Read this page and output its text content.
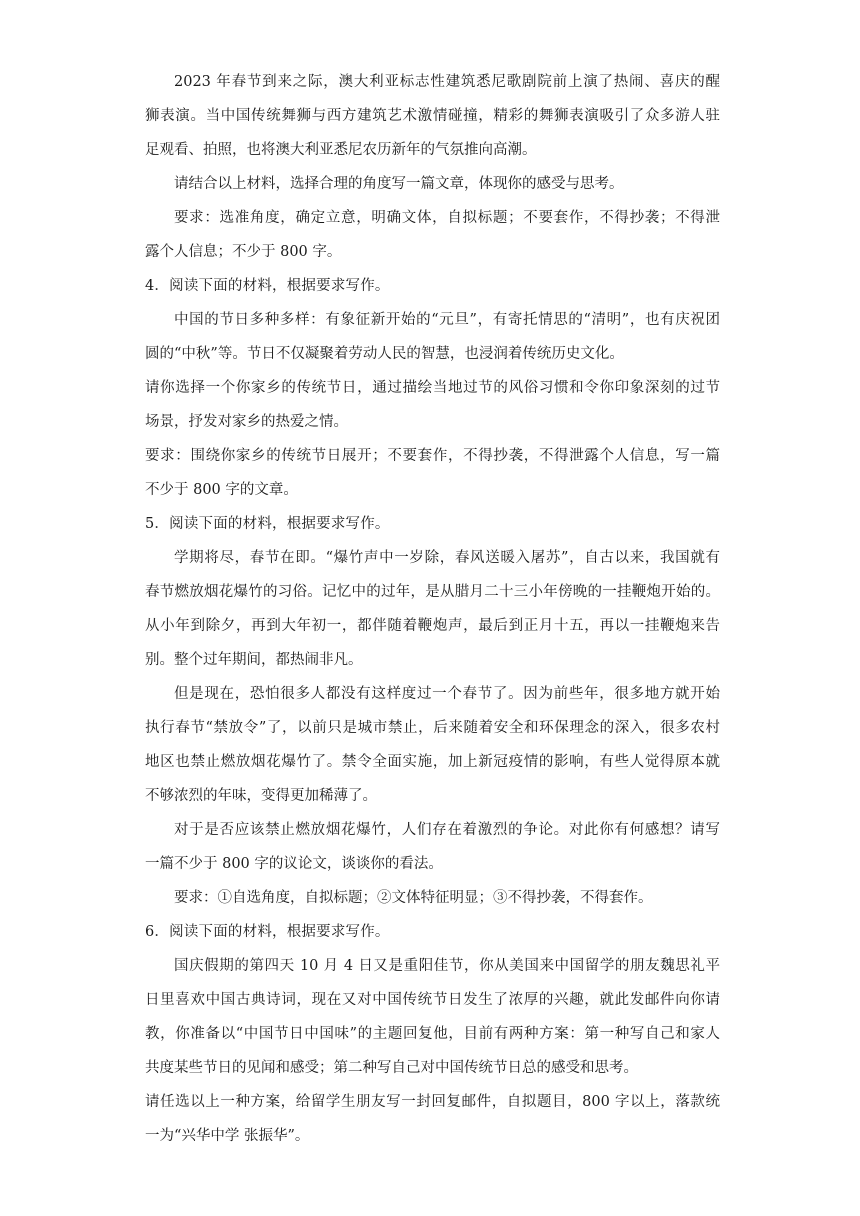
2023 年春节到来之际，澳大利亚标志性建筑悉尼歌剧院前上演了热闹、喜庆的醒
狮表演。当中国传统舞狮与西方建筑艺术激情碰撞，精彩的舞狮表演吸引了众多游人驻
足观看、拍照，也将澳大利亚悉尼农历新年的气氛推向高潮。
请结合以上材料，选择合理的角度写一篇文章，体现你的感受与思考。
要求：选准角度，确定立意，明确文体，自拟标题；不要套作，不得抄袭；不得泄
露个人信息；不少于 800 字。
4．阅读下面的材料，根据要求写作。
中国的节日多种多样：有象征新开始的“元旦”，有寄托情思的“清明”，也有庆祝团
圆的“中秋”等。节日不仅凝聚着劳动人民的智慧，也浸润着传统历史文化。
请你选择一个你家乡的传统节日，通过描绘当地过节的风俗习惯和令你印象深刻的过节
场景，抒发对家乡的热爱之情。
要求：围绕你家乡的传统节日展开；不要套作，不得抄袭，不得泄露个人信息，写一篇
不少于 800 字的文章。
5．阅读下面的材料，根据要求写作。
学期将尽，春节在即。“爆竹声中一岁除，春风送暖入屠苏”，自古以来，我国就有
春节燃放烟花爆竹的习俗。记忆中的过年，是从腊月二十三小年傍晚的一挂鞭炮开始的。
从小年到除夕，再到大年初一，都伴随着鞭炮声，最后到正月十五，再以一挂鞭炮来告
别。整个过年期间，都热闹非凡。
但是现在，恐怕很多人都没有这样度过一个春节了。因为前些年，很多地方就开始
执行春节“禁放令”了，以前只是城市禁止，后来随着安全和环保理念的深入，很多农村
地区也禁止燃放烟花爆竹了。禁令全面实施，加上新冠疫情的影响，有些人觉得原本就
不够浓烈的年味，变得更加稀薄了。
对于是否应该禁止燃放烟花爆竹，人们存在着激烈的争论。对此你有何感想？请写
一篇不少于 800 字的议论文，谈谈你的看法。
要求：①自选角度，自拟标题；②文体特征明显；③不得抄袭，不得套作。
6．阅读下面的材料，根据要求写作。
国庆假期的第四天 10 月 4 日又是重阳佳节，你从美国来中国留学的朋友魏思礼平
日里喜欢中国古典诗词，现在又对中国传统节日发生了浓厚的兴趣，就此发邮件向你请
教，你准备以“中国节日中国味”的主题回复他，目前有两种方案：第一种写自己和家人
共度某些节日的见闻和感受；第二种写自己对中国传统节日总的感受和思考。
请任选以上一种方案，给留学生朋友写一封回复邮件，自拟题目，800 字以上，落款统
一为“兴华中学 张振华”。
